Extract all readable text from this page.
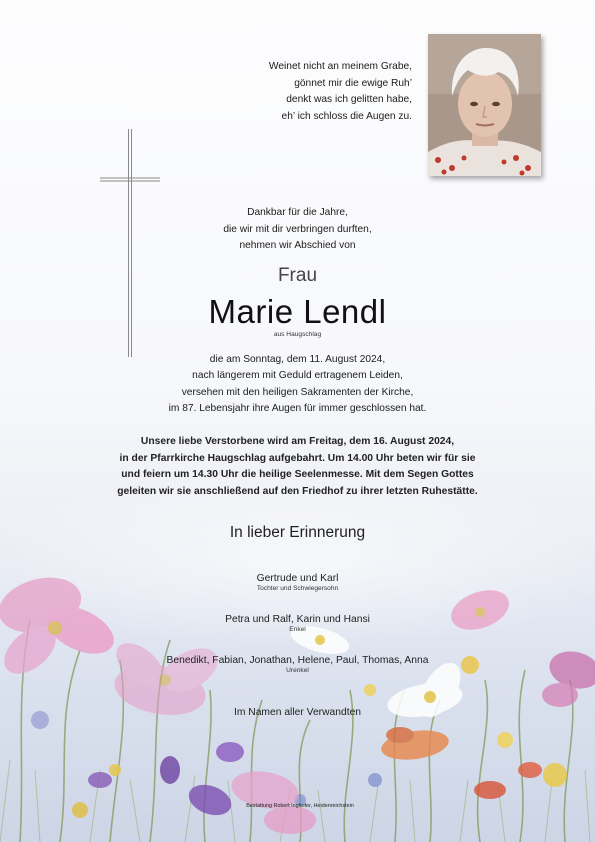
Weinet nicht an meinem Grabe,
gönnet mir die ewige Ruh’
denkt was ich gelitten habe,
eh’ ich schloss die Augen zu.
Dankbar für die Jahre,
die wir mit dir verbringen durften,
nehmen wir Abschied von
Frau
Marie Lendl
aus Haugschlag
die am Sonntag, dem 11. August 2024,
nach längerem mit Geduld ertragenem Leiden,
versehen mit den heiligen Sakramenten der Kirche,
im 87. Lebensjahr ihre Augen für immer geschlossen hat.
Unsere liebe Verstorbene wird am Freitag, dem 16. August 2024,
in der Pfarrkirche Haugschlag aufgebahrt. Um 14.00 Uhr beten wir für sie
und feiern um 14.30 Uhr die heilige Seelenmesse. Mit dem Segen Gottes
geleiten wir sie anschließend auf den Friedhof zu ihrer letzten Ruhestätte.
In lieber Erinnerung
Gertrude und Karl
Tochter und Schwiegersohn
Petra und Ralf, Karin und Hansi
Enkel
Benedikt, Fabian, Jonathan, Helene, Paul, Thomas, Anna
Urenkel
Im Namen aller Verwandten
Bestattung Robert Inghofer, Heidenreichstein
